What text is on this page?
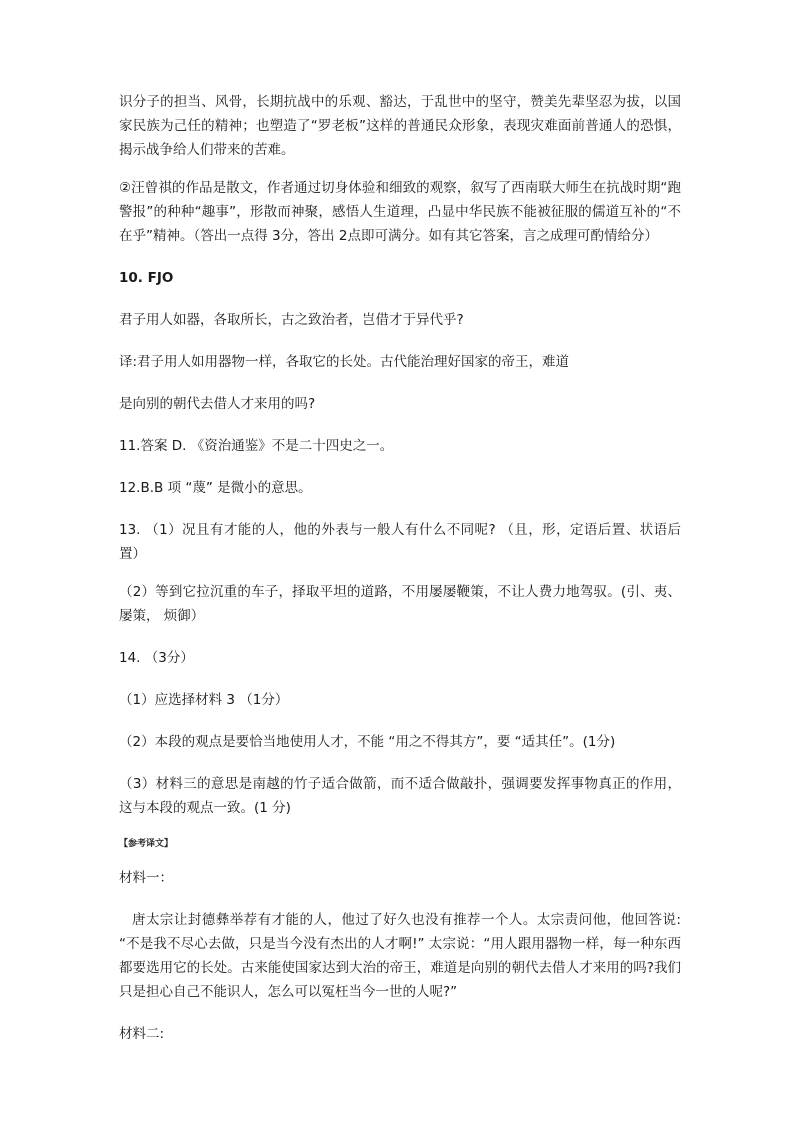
识分子的担当、风骨，长期抗战中的乐观、豁达，于乱世中的坚守，赞美先辈坚忍为拔，以国家民族为己任的精神；也塑造了“罗老板”这样的普通民众形象，表现灾难面前普通人的恐惧，揭示战争给人们带来的苦难。

②汪曾祺的作品是散文，作者通过切身体验和细致的观察，叙写了西南联大师生在抗战时期“跑警报”的种种“趣事”，形散而神聚，感悟人生道理，凸显中华民族不能被征服的儒道互补的“不在乎”精神。（答出一点得 3分，答出 2点即可满分。如有其它答案，言之成理可酌情给分）

10. FJO

君子用人如器，各取所长，古之致治者，岂借才于异代乎?

译:君子用人如用器物一样，各取它的长处。古代能治理好国家的帝王，难道

是向别的朝代去借人才来用的吗?

11.答案 D. 《资治通鉴》不是二十四史之一。

12.B.B 项 “蔑” 是微小的意思。

13. （1）况且有才能的人，他的外表与一般人有什么不同呢? （且，形，定语后置、状语后置）

（2）等到它拉沉重的车子，择取平坦的道路，不用屡屡鞭策，不让人费力地驾驭。(引、夷、屡策， 烦御）

14. （3分）

（1）应选择材料 3 （1分）

（2）本段的观点是要恰当地使用人才，不能 “用之不得其方”，要 “适其任”。(1分)

（3）材料三的意思是南越的竹子适合做箭，而不适合做敲扑，强调要发挥事物真正的作用，这与本段的观点一致。(1 分)

【参考译文】

材料一：

唐太宗让封德彝举荐有才能的人，他过了好久也没有推荐一个人。太宗责问他，他回答说: “不是我不尽心去做，只是当今没有杰出的人才啊!” 太宗说：“用人跟用器物一样，每一种东西都要选用它的长处。古来能使国家达到大治的帝王，难道是向别的朝代去借人才来用的吗?我们只是担心自己不能识人，怎么可以冤枉当今一世的人呢?”

材料二:
